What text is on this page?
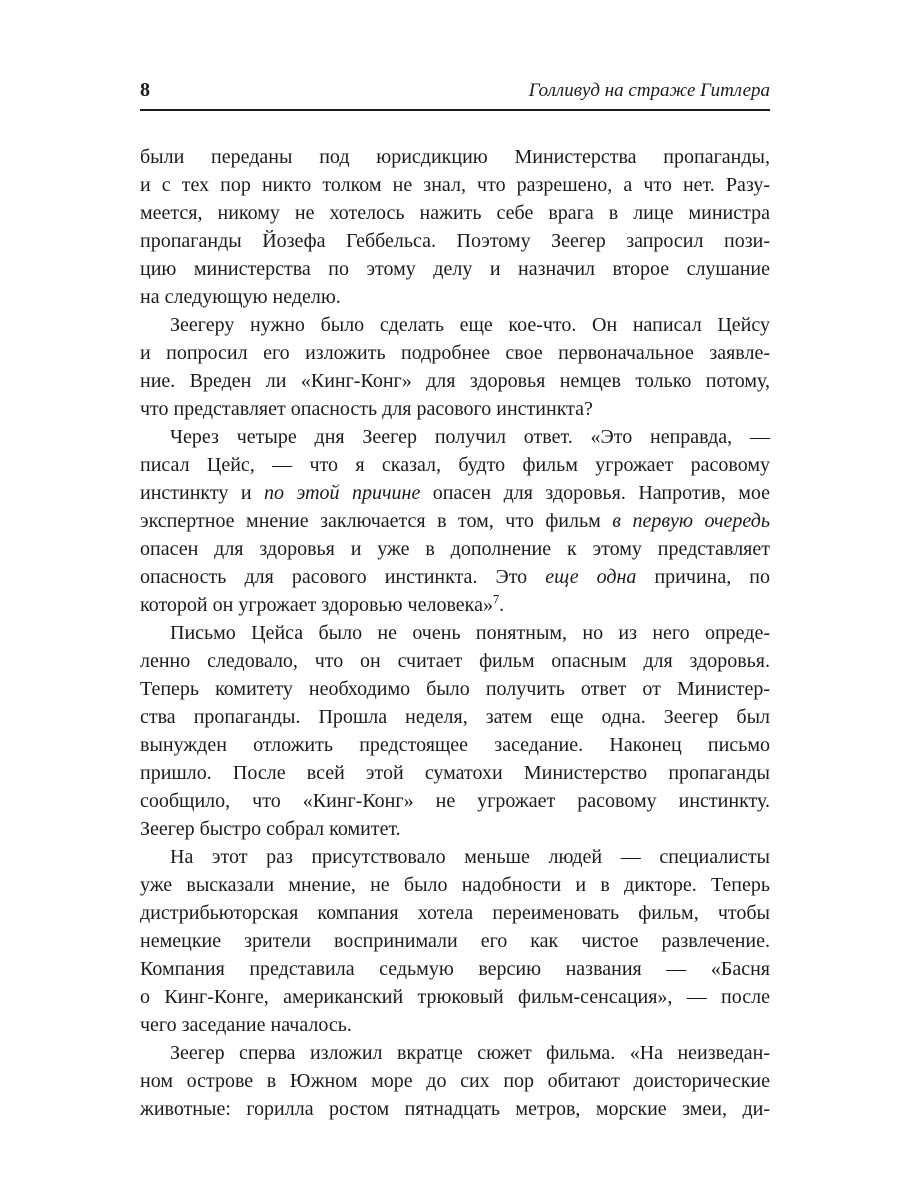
8	Голливуд на страже Гитлера
были переданы под юрисдикцию Министерства пропаганды,
и с тех пор никто толком не знал, что разрешено, а что нет. Разу-
меется, никому не хотелось нажить себе врага в лице министра
пропаганды Йозефа Геббельса. Поэтому Зеегер запросил пози-
цию министерства по этому делу и назначил второе слушание
на следующую неделю.
Зеегеру нужно было сделать еще кое-что. Он написал Цейсу
и попросил его изложить подробнее свое первоначальное заявле-
ние. Вреден ли «Кинг-Конг» для здоровья немцев только потому,
что представляет опасность для расового инстинкта?
Через четыре дня Зеегер получил ответ. «Это неправда, —
писал Цейс, — что я сказал, будто фильм угрожает расовому
инстинкту и по этой причине опасен для здоровья. Напротив, мое
экспертное мнение заключается в том, что фильм в первую очередь
опасен для здоровья и уже в дополнение к этому представляет
опасность для расового инстинкта. Это еще одна причина, по
которой он угрожает здоровью человека»$^7$.
Письмо Цейса было не очень понятным, но из него опреде-
ленно следовало, что он считает фильм опасным для здоровья.
Теперь комитету необходимо было получить ответ от Министер-
ства пропаганды. Прошла неделя, затем еще одна. Зеегер был
вынужден отложить предстоящее заседание. Наконец письмо
пришло. После всей этой суматохи Министерство пропаганды
сообщило, что «Кинг-Конг» не угрожает расовому инстинкту.
Зеегер быстро собрал комитет.
На этот раз присутствовало меньше людей — специалисты
уже высказали мнение, не было надобности и в дикторе. Теперь
дистрибьюторская компания хотела переименовать фильм, чтобы
немецкие зрители воспринимали его как чистое развлечение.
Компания представила седьмую версию названия — «Басня
о Кинг-Конге, американский трюковый фильм-сенсация», — после
чего заседание началось.
Зеегер сперва изложил вкратце сюжет фильма. «На неизведан-
ном острове в Южном море до сих пор обитают доисторические
животные: горилла ростом пятнадцать метров, морские змеи, ди-
